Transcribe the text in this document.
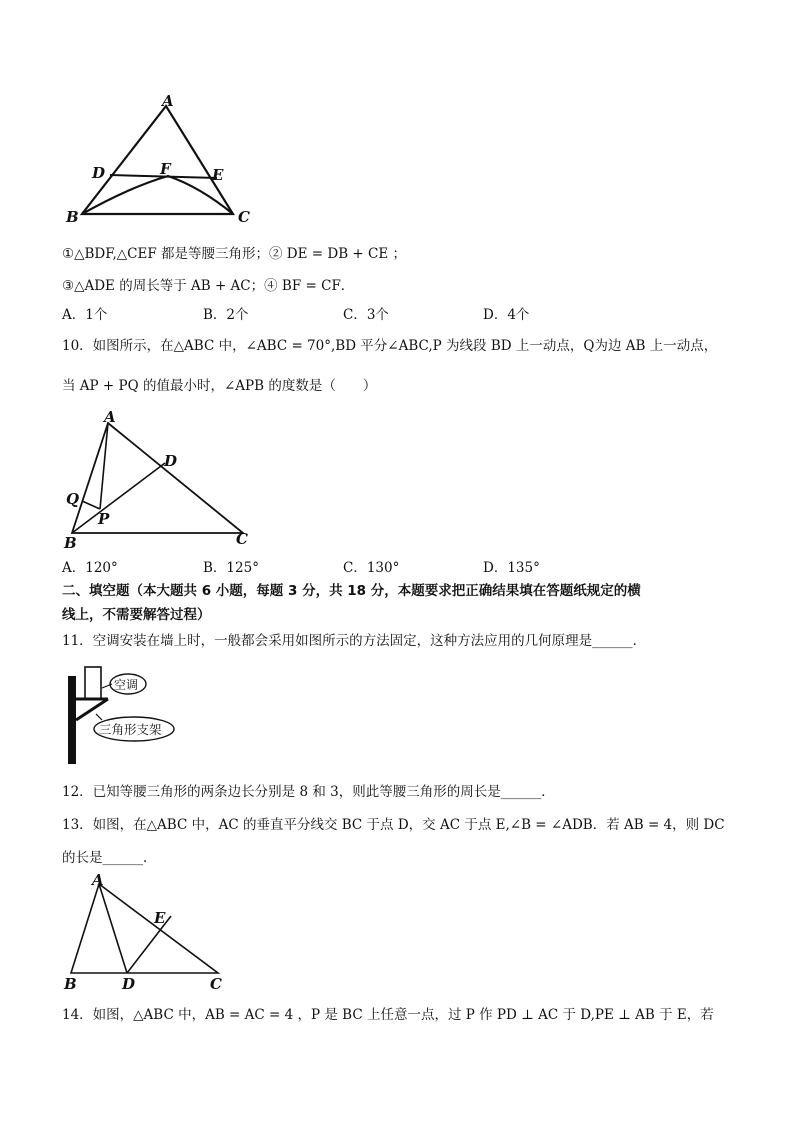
A
D	F	E
B	C
①△BDF,△CEF 都是等腰三角形；② DE = DB + CE ；
③△ADE 的周长等于 AB + AC；④ BF = CF．
A．1个	B．2个	C．3个	D．4个
10．如图所示，在△ABC 中，∠ABC = 70°,BD 平分∠ABC,P 为线段 BD 上一动点，Q为边 AB 上一动点，
当 AP + PQ 的值最小时，∠APB 的度数是（　　）
A
D
Q
P
B	C
A．120°	B．125°	C．130°	D．135°
二、填空题（本大题共 6 小题，每题 3 分，共 18 分，本题要求把正确结果填在答题纸规定的横
线上，不需要解答过程）
11．空调安装在墙上时，一般都会采用如图所示的方法固定，这种方法应用的几何原理是______．
空调
三角形支架
12．已知等腰三角形的两条边长分别是 8 和 3，则此等腰三角形的周长是______．
13．如图，在△ABC 中，AC 的垂直平分线交 BC 于点 D，交 AC 于点 E,∠B = ∠ADB．若 AB = 4，则 DC
的长是______．
A
E
B	D	C
14．如图，△ABC 中，AB = AC = 4 ，P 是 BC 上任意一点，过 P 作 PD ⊥ AC 于 D,PE ⊥ AB 于 E，若
